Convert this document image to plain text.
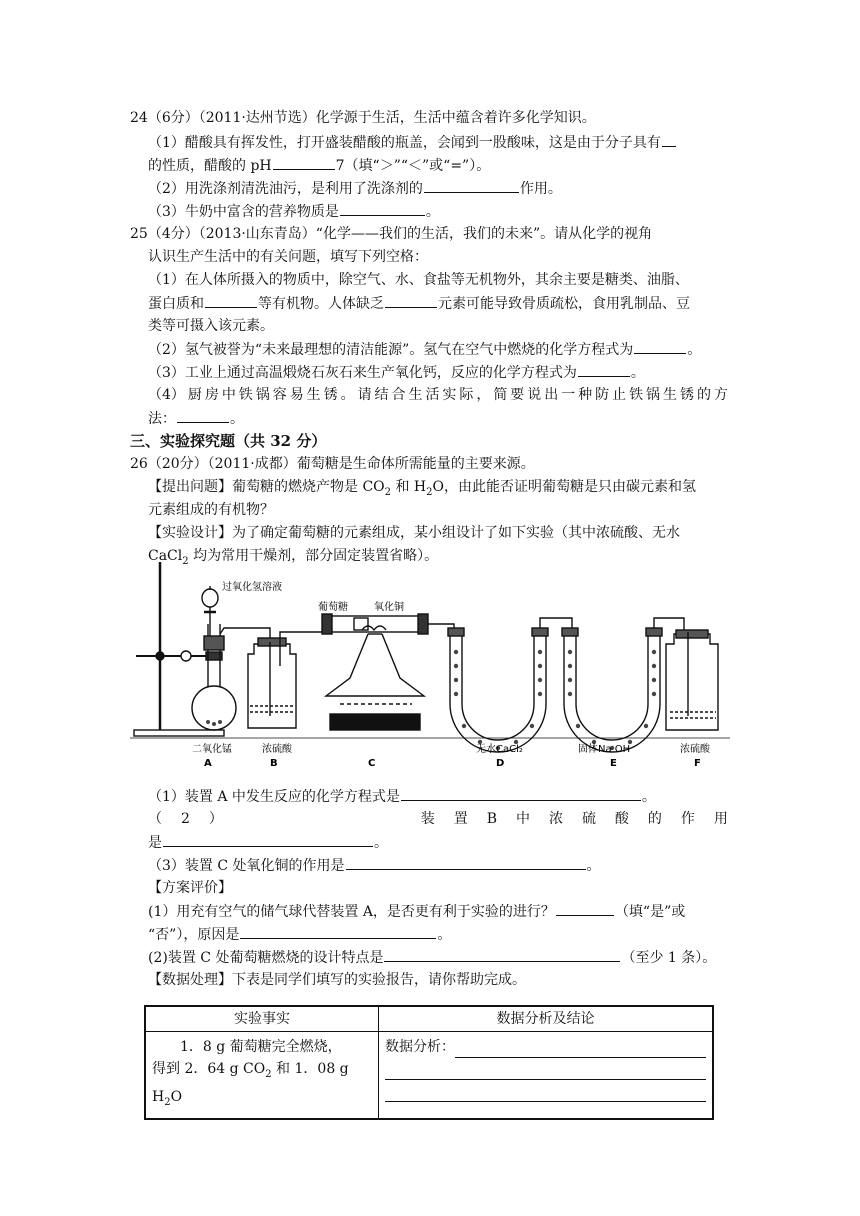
24（6分）（2011·达州节选）化学源于生活，生活中蕴含着许多化学知识。
（1）醋酸具有挥发性，打开盛装醋酸的瓶盖，会闻到一股酸味，这是由于分子具有
的性质，醋酸的 pH	7（填“＞”“＜”或“=”）。
（2）用洗涤剂清洗油污，是利用了洗涤剂的	作用。
（3）牛奶中富含的营养物质是	。
25（4分）（2013·山东青岛）“化学——我们的生活，我们的未来”。请从化学的视角
认识生产生活中的有关问题，填写下列空格：
（1）在人体所摄入的物质中，除空气、水、食盐等无机物外，其余主要是糖类、油脂、
蛋白质和	等有机物。人体缺乏	元素可能导致骨质疏松，食用乳制品、豆
类等可摄入该元素。
（2）氢气被誉为“未来最理想的清洁能源”。氢气在空气中燃烧的化学方程式为	。
（3）工业上通过高温煅烧石灰石来生产氧化钙，反应的化学方程式为	。
（4） 厨 房 中 铁 锅 容 易 生 锈 。 请 结 合 生 活 实 际 ， 简 要 说 出 一 种 防 止 铁 锅 生 锈 的 方
法：	。
三、实验探究题（共 32 分）
26（20分）（2011·成都）葡萄糖是生命体所需能量的主要来源。
【提出问题】葡萄糖的燃烧产物是 $CO_2$ 和 $H_2O$，由此能否证明葡萄糖是只由碳元素和氢
元素组成的有机物？
【实验设计】为了确定葡萄糖的元素组成，某小组设计了如下实验（其中浓硫酸、无水
CaCl$_2$ 均为常用干燥剂，部分固定装置省略）。
过氧化氢溶液
葡萄糖	氧化铜
二氧化锰	浓硫酸	无水CaCl₂	固体Na OH	浓硫酸
A	B	C	D	E	F
（1）装置 A 中发生反应的化学方程式是	。
（ 2 ）	装 置 B 中 浓 硫 酸 的 作 用
是	。
（3）装置 C 处氧化铜的作用是	。
【方案评价】
(1）用充有空气的储气球代替装置 A，是否更有利于实验的进行？	（填“是”或
“否”），原因是	。
(2)装置 C 处葡萄糖燃烧的设计特点是	（至少 1 条）。
【数据处理】下表是同学们填写的实验报告，请你帮助完成。
实验事实	数据分析及结论

1．8 g 葡萄糖完全燃烧，
得到 2．64 g $CO_2$ 和 1．08 g $H_2O$	数据分析：
